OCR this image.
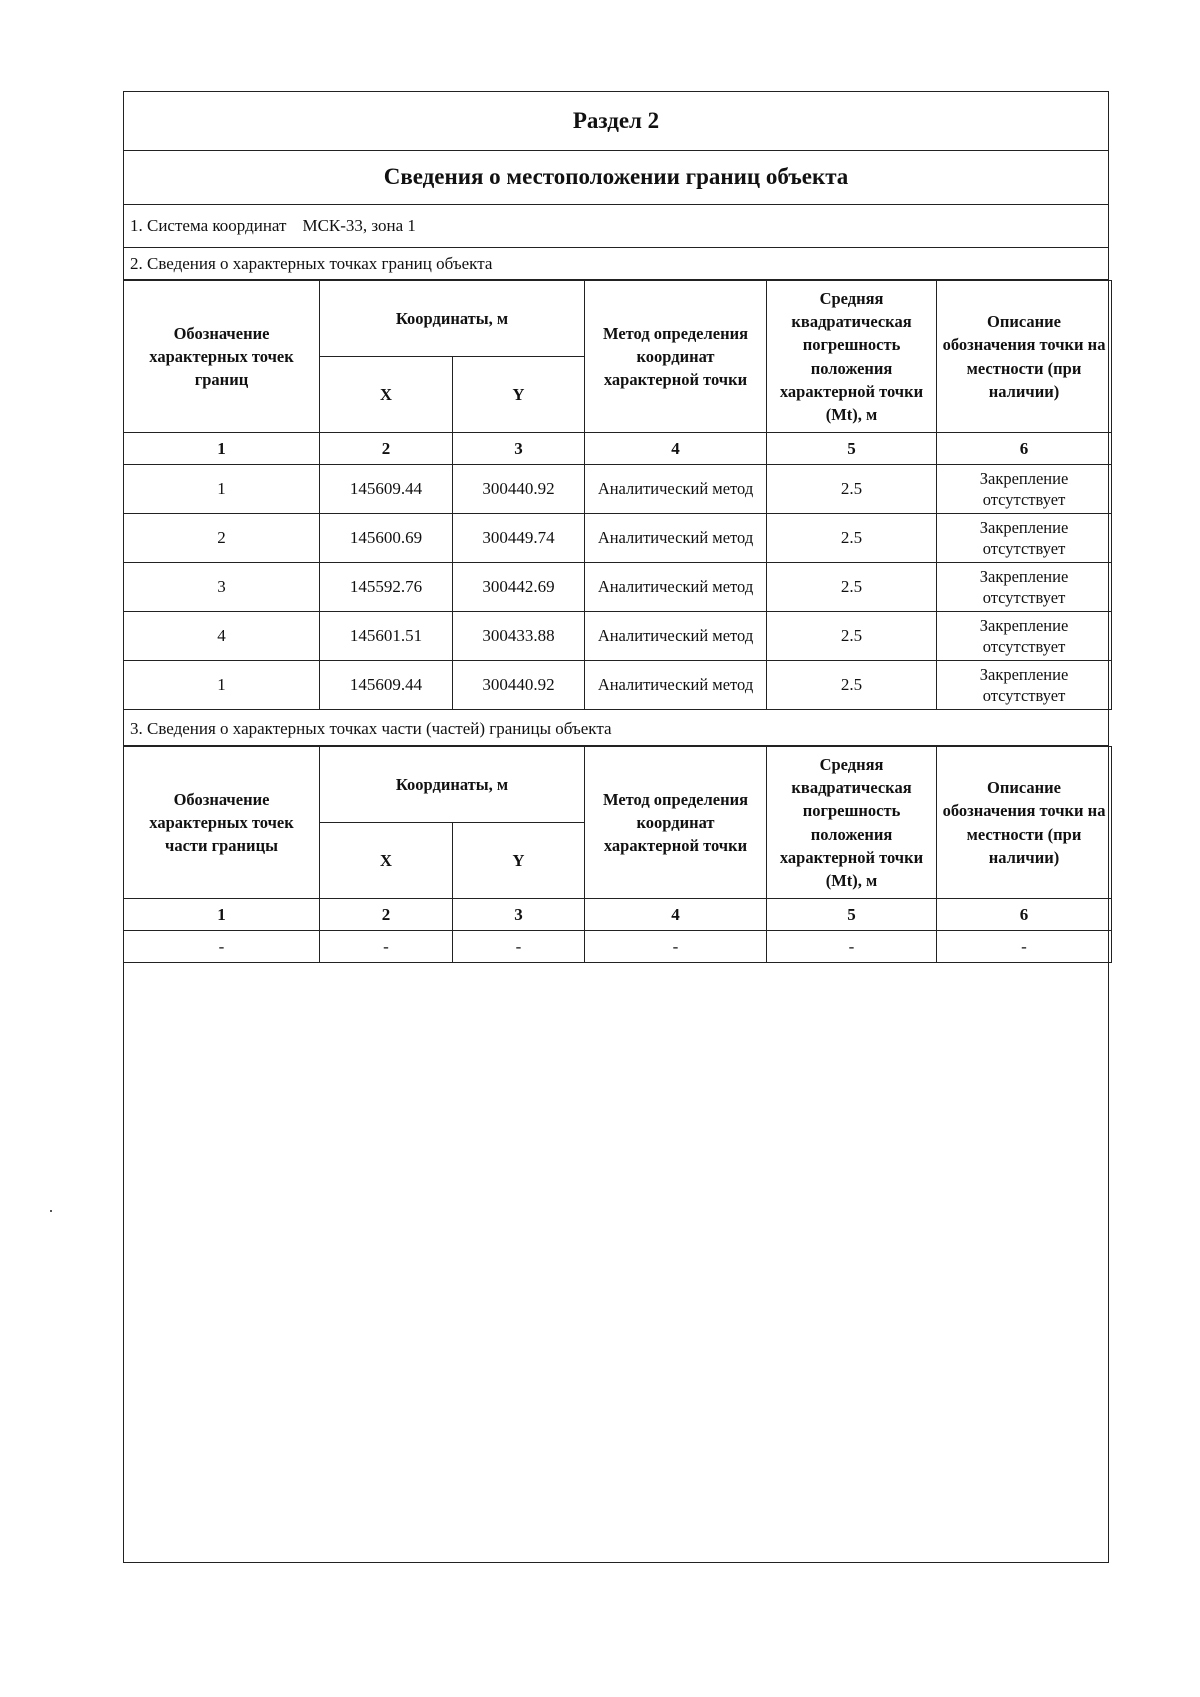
Раздел 2
Сведения о местоположении границ объекта
1. Система координат МСК-33, зона 1
2. Сведения о характерных точках границ объекта
Обозначение характерных точек границ	Координаты, м		Метод определения координат характерной точки	Средняя квадратическая погрешность положения характерной точки (Mt), м	Описание обозначения точки на местности (при наличии)
	X	Y			
1	2	3	4	5	6
1	145609.44	300440.92	Аналитический метод	2.5	Закрепление отсутствует
2	145600.69	300449.74	Аналитический метод	2.5	Закрепление отсутствует
3	145592.76	300442.69	Аналитический метод	2.5	Закрепление отсутствует
4	145601.51	300433.88	Аналитический метод	2.5	Закрепление отсутствует
1	145609.44	300440.92	Аналитический метод	2.5	Закрепление отсутствует
3. Сведения о характерных точках части (частей) границы объекта
Обозначение характерных точек части границы	Координаты, м		Метод определения координат характерной точки	Средняя квадратическая погрешность положения характерной точки (Mt), м	Описание обозначения точки на местности (при наличии)
	X	Y			
1	2	3	4	5	6
-	-	-	-	-	-
